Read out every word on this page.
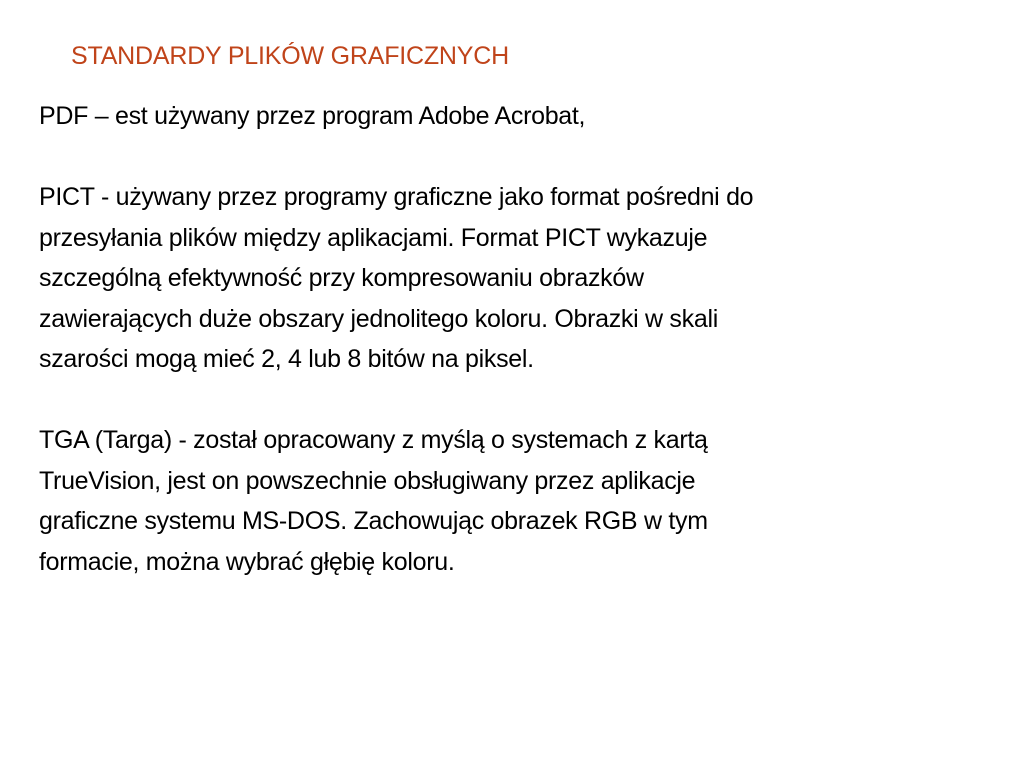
STANDARDY PLIKÓW GRAFICZNYCH

PDF – est używany przez program Adobe Acrobat,

PICT - używany przez programy graficzne jako format pośredni do
przesyłania plików między aplikacjami. Format PICT wykazuje
szczególną efektywność przy kompresowaniu obrazków
zawierających duże obszary jednolitego koloru. Obrazki w skali
szarości mogą mieć 2, 4 lub 8 bitów na piksel.

TGA (Targa) - został opracowany z myślą o systemach z kartą
TrueVision, jest on powszechnie obsługiwany przez aplikacje
graficzne systemu MS-DOS. Zachowując obrazek RGB w tym
formacie, można wybrać głębię koloru.
